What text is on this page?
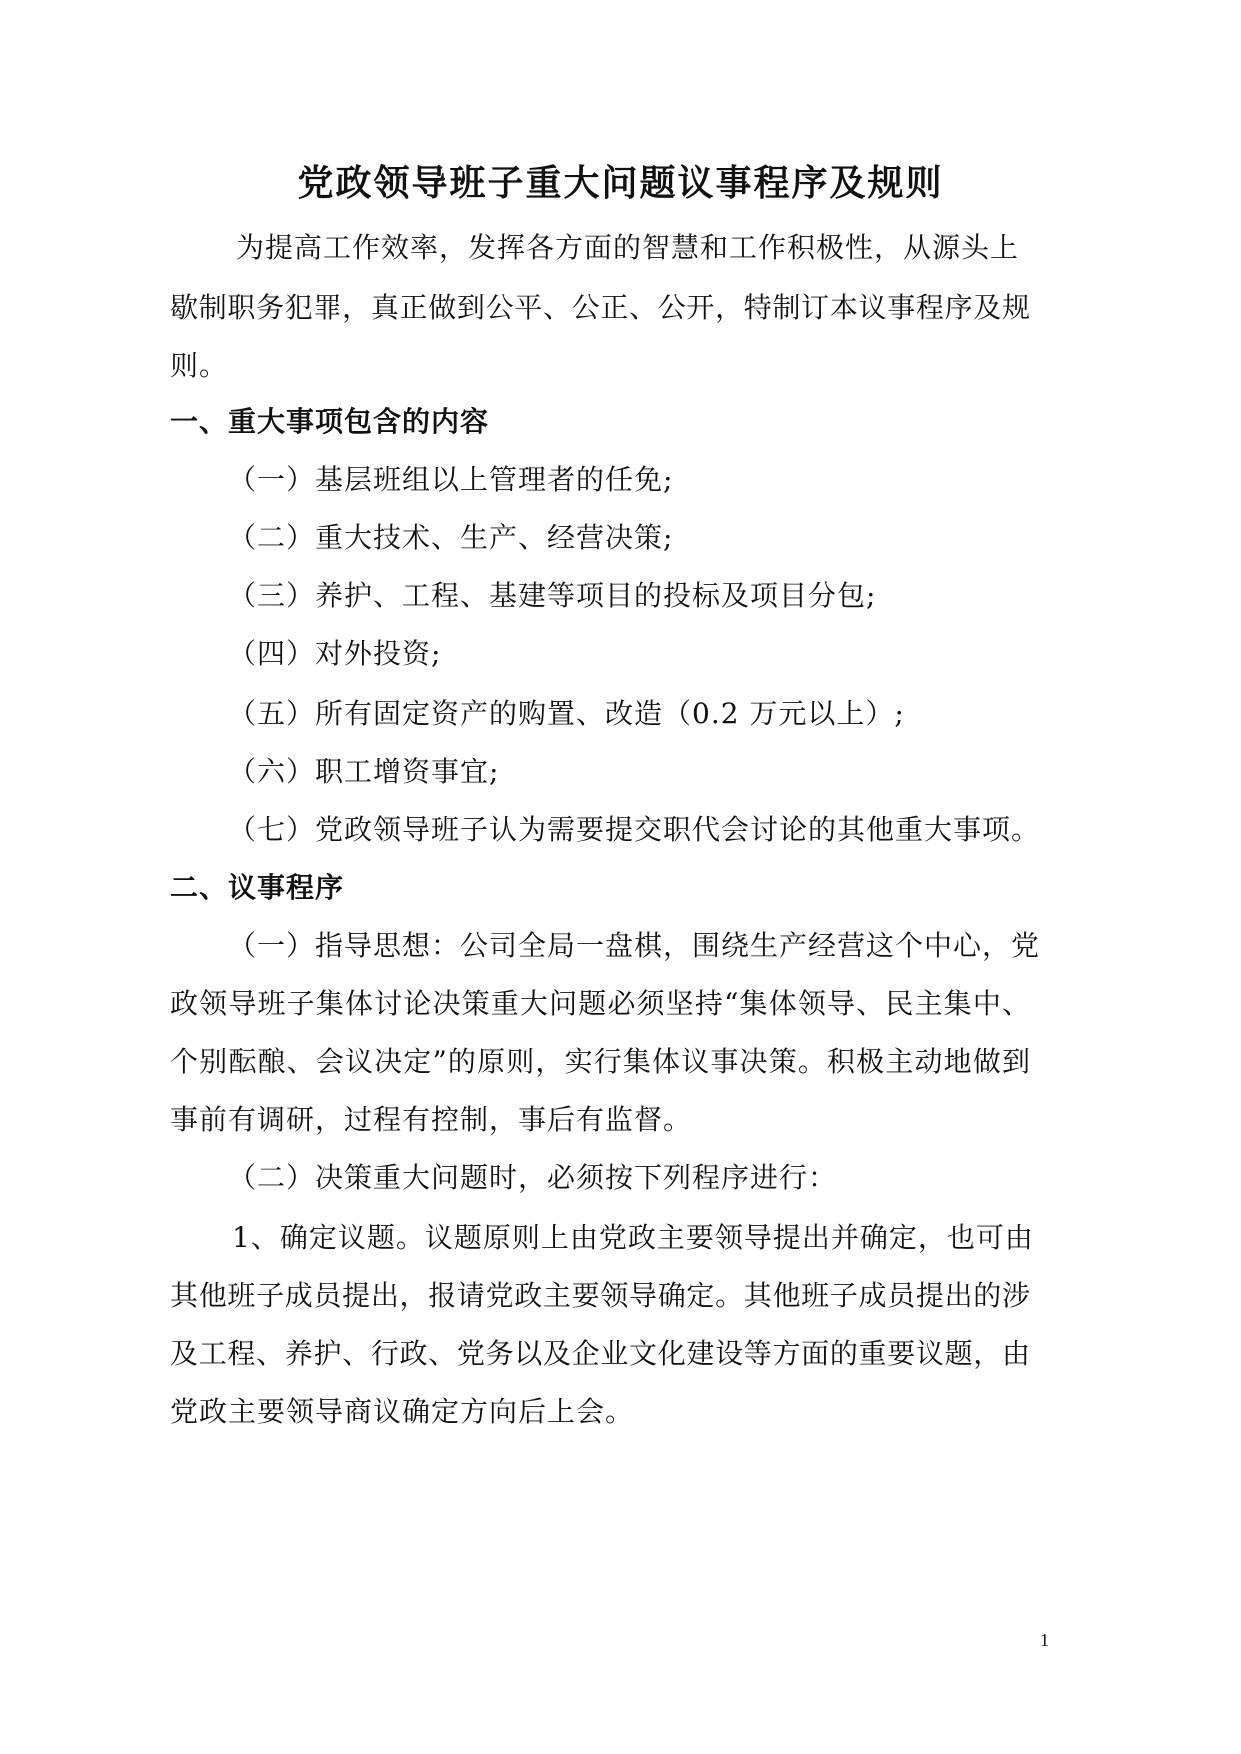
党政领导班子重大问题议事程序及规则
为提高工作效率，发挥各方面的智慧和工作积极性，从源头上
歇制职务犯罪，真正做到公平、公正、公开，特制订本议事程序及规
则。
一、重大事项包含的内容
（一）基层班组以上管理者的任免;
（二）重大技术、生产、经营决策;
（三）养护、工程、基建等项目的投标及项目分包;
（四）对外投资;
（五）所有固定资产的购置、改造（0.2 万元以上）;
（六）职工增资事宜;
（七）党政领导班子认为需要提交职代会讨论的其他重大事项。
二、议事程序
（一）指导思想：公司全局一盘棋，围绕生产经营这个中心，党
政领导班子集体讨论决策重大问题必须坚持“集体领导、民主集中、
个别酝酿、会议决定”的原则，实行集体议事决策。积极主动地做到
事前有调研，过程有控制，事后有监督。
（二）决策重大问题时，必须按下列程序进行：
1、确定议题。议题原则上由党政主要领导提出并确定，也可由
其他班子成员提出，报请党政主要领导确定。其他班子成员提出的涉
及工程、养护、行政、党务以及企业文化建设等方面的重要议题，由
党政主要领导商议确定方向后上会。
1
